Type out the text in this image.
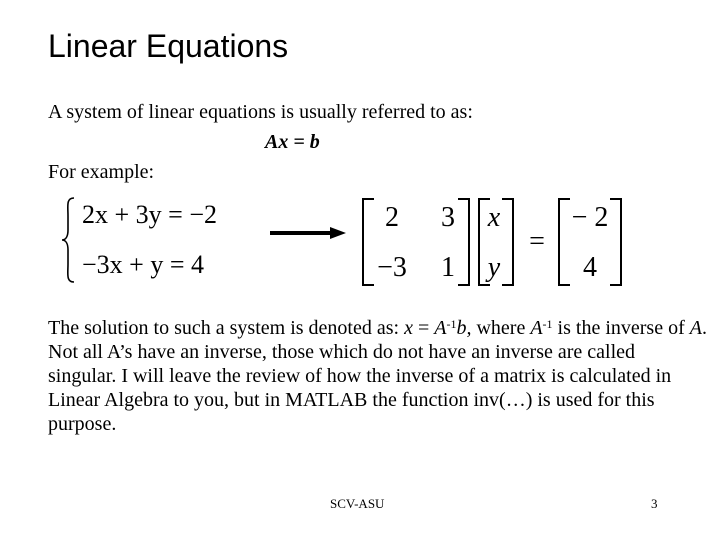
Linear Equations
A system of linear equations is usually referred to as:
Ax = b
For example:
2x + 3y = −2
−3x + y = 4
2	3
−3	1
x
y
=
− 2
4

The solution to such a system is denoted as: $x = A^{-1}b$, where $A^{-1}$ is the inverse of A.

Not all A’s have an inverse, those which do not have an inverse are called singular. I will leave the review of how the inverse of a matrix is calculated in Linear Algebra to you, but in MATLAB the function inv(…) is used for this purpose.

SCV-ASU	3
